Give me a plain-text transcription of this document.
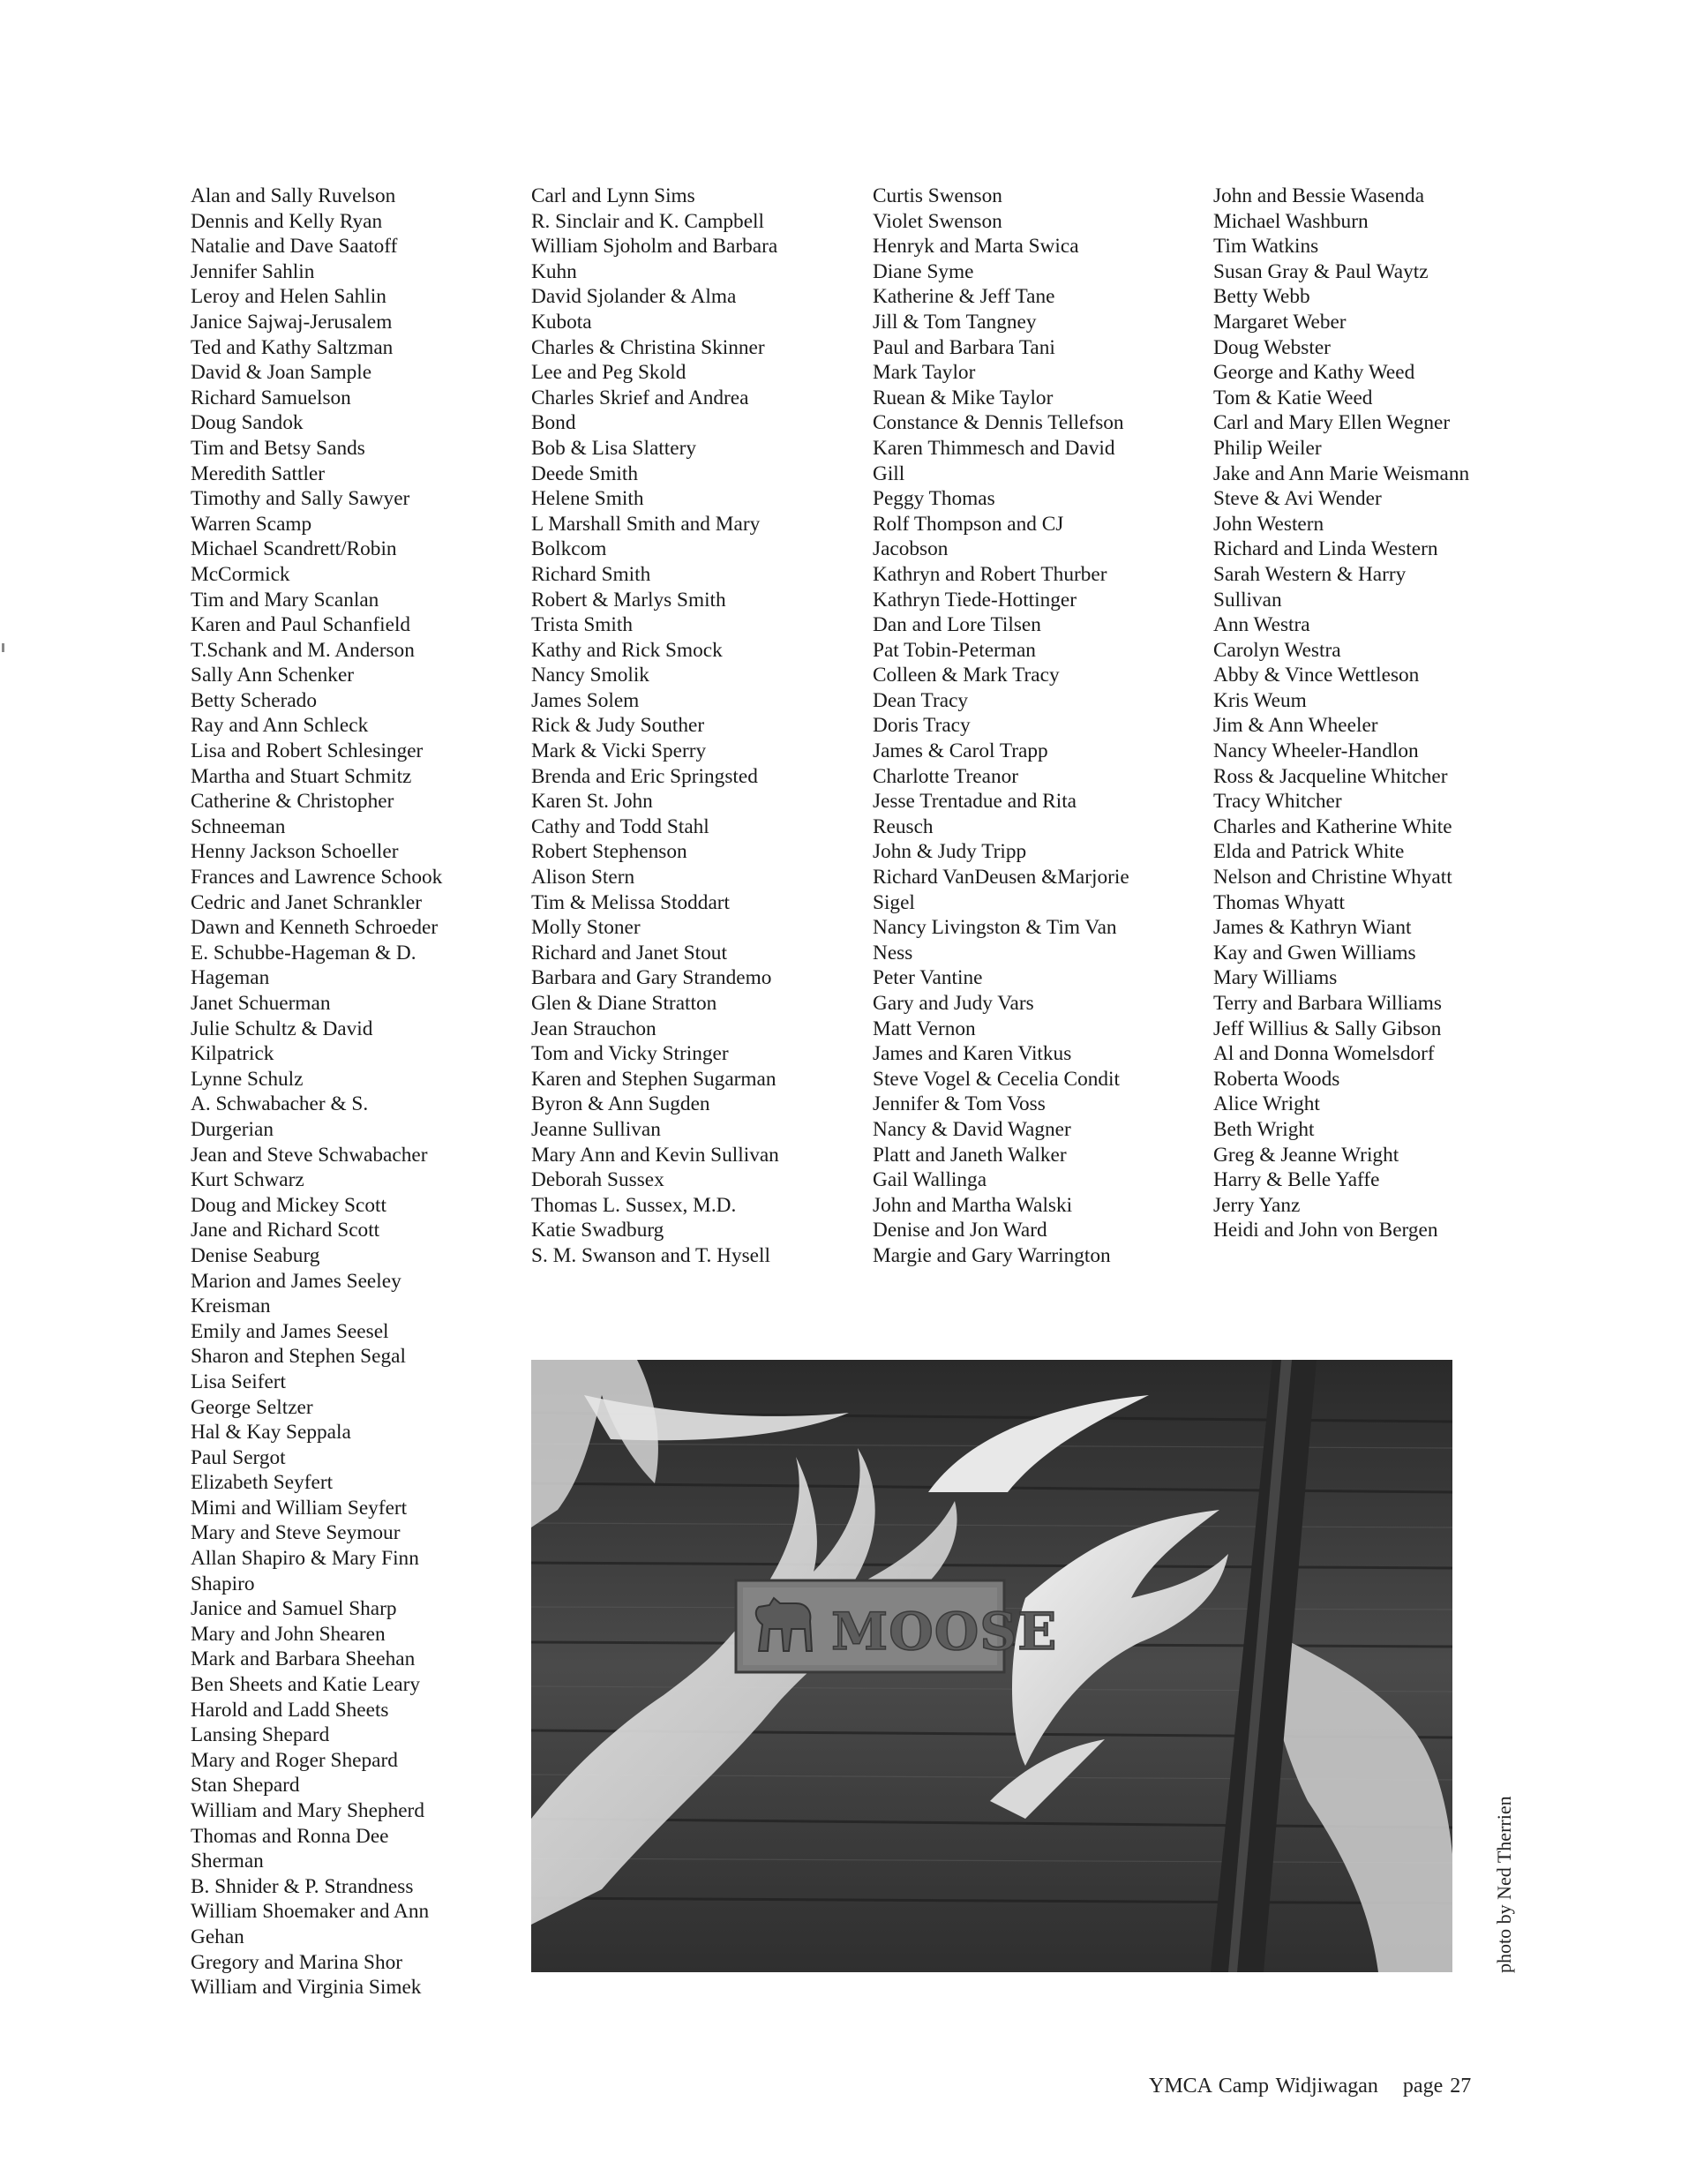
Alan and Sally Ruvelson
Dennis and Kelly Ryan
Natalie and Dave Saatoff
Jennifer Sahlin
Leroy and Helen Sahlin
Janice Sajwaj-Jerusalem
Ted and Kathy Saltzman
David & Joan Sample
Richard Samuelson
Doug Sandok
Tim and Betsy Sands
Meredith Sattler
Timothy and Sally Sawyer
Warren Scamp
Michael Scandrett/Robin
McCormick
Tim and Mary Scanlan
Karen and Paul Schanfield
T.Schank and M. Anderson
Sally Ann Schenker
Betty Scherado
Ray and Ann Schleck
Lisa and Robert Schlesinger
Martha and Stuart Schmitz
Catherine & Christopher
Schneeman
Henny Jackson Schoeller
Frances and Lawrence Schook
Cedric and Janet Schrankler
Dawn and Kenneth Schroeder
E. Schubbe-Hageman & D.
Hageman
Janet Schuerman
Julie Schultz & David
Kilpatrick
Lynne Schulz
A. Schwabacher & S.
Durgerian
Jean and Steve Schwabacher
Kurt Schwarz
Doug and Mickey Scott
Jane and Richard Scott
Denise Seaburg
Marion and James Seeley
Kreisman
Emily and James Seesel
Sharon and Stephen Segal
Lisa Seifert
George Seltzer
Hal & Kay Seppala
Paul Sergot
Elizabeth Seyfert
Mimi and William Seyfert
Mary and Steve Seymour
Allan Shapiro & Mary Finn
Shapiro
Janice and Samuel Sharp
Mary and John Shearen
Mark and Barbara Sheehan
Ben Sheets and Katie Leary
Harold and Ladd Sheets
Lansing Shepard
Mary and Roger Shepard
Stan Shepard
William and Mary Shepherd
Thomas and Ronna Dee
Sherman
B. Shnider & P. Strandness
William Shoemaker and Ann
Gehan
Gregory and Marina Shor
William and Virginia Simek
Carl and Lynn Sims
R. Sinclair and K. Campbell
William Sjoholm and Barbara
Kuhn
David Sjolander & Alma
Kubota
Charles & Christina Skinner
Lee and Peg Skold
Charles Skrief and Andrea
Bond
Bob & Lisa Slattery
Deede Smith
Helene Smith
L Marshall Smith and Mary
Bolkcom
Richard Smith
Robert & Marlys Smith
Trista Smith
Kathy and Rick Smock
Nancy Smolik
James Solem
Rick & Judy Souther
Mark & Vicki Sperry
Brenda and Eric Springsted
Karen St. John
Cathy and Todd Stahl
Robert Stephenson
Alison Stern
Tim & Melissa Stoddart
Molly Stoner
Richard and Janet Stout
Barbara and Gary Strandemo
Glen & Diane Stratton
Jean Strauchon
Tom and Vicky Stringer
Karen and Stephen Sugarman
Byron & Ann Sugden
Jeanne Sullivan
Mary Ann and Kevin Sullivan
Deborah Sussex
Thomas L. Sussex, M.D.
Katie Swadburg
S. M. Swanson and T. Hysell
Curtis Swenson
Violet Swenson
Henryk and Marta Swica
Diane Syme
Katherine & Jeff Tane
Jill & Tom Tangney
Paul and Barbara Tani
Mark Taylor
Ruean & Mike Taylor
Constance & Dennis Tellefson
Karen Thimmesch and David
Gill
Peggy Thomas
Rolf Thompson and CJ
Jacobson
Kathryn and Robert Thurber
Kathryn Tiede-Hottinger
Dan and Lore Tilsen
Pat Tobin-Peterman
Colleen & Mark Tracy
Dean Tracy
Doris Tracy
James & Carol Trapp
Charlotte Treanor
Jesse Trentadue and Rita
Reusch
John & Judy Tripp
Richard VanDeusen &Marjorie
Sigel
Nancy Livingston & Tim Van
Ness
Peter Vantine
Gary and Judy Vars
Matt Vernon
James and Karen Vitkus
Steve Vogel & Cecelia Condit
Jennifer & Tom Voss
Nancy & David Wagner
Platt and Janeth Walker
Gail Wallinga
John and Martha Walski
Denise and Jon Ward
Margie and Gary Warrington
John and Bessie Wasenda
Michael Washburn
Tim Watkins
Susan Gray & Paul Waytz
Betty Webb
Margaret Weber
Doug Webster
George and Kathy Weed
Tom & Katie Weed
Carl and Mary Ellen Wegner
Philip Weiler
Jake and Ann Marie Weismann
Steve & Avi Wender
John Western
Richard and Linda Western
Sarah Western & Harry
Sullivan
Ann Westra
Carolyn Westra
Abby & Vince Wettleson
Kris Weum
Jim & Ann Wheeler
Nancy Wheeler-Handlon
Ross & Jacqueline Whitcher
Tracy Whitcher
Charles and Katherine White
Elda and Patrick White
Nelson and Christine Whyatt
Thomas Whyatt
James & Kathryn Wiant
Kay and Gwen Williams
Mary Williams
Terry and Barbara Williams
Jeff Willius & Sally Gibson
Al and Donna Womelsdorf
Roberta Woods
Alice Wright
Beth Wright
Greg & Jeanne Wright
Harry & Belle Yaffe
Jerry Yanz
Heidi and John von Bergen
MOOSE
photo by Ned Therrien
YMCA Camp Widjiwagan page 27
